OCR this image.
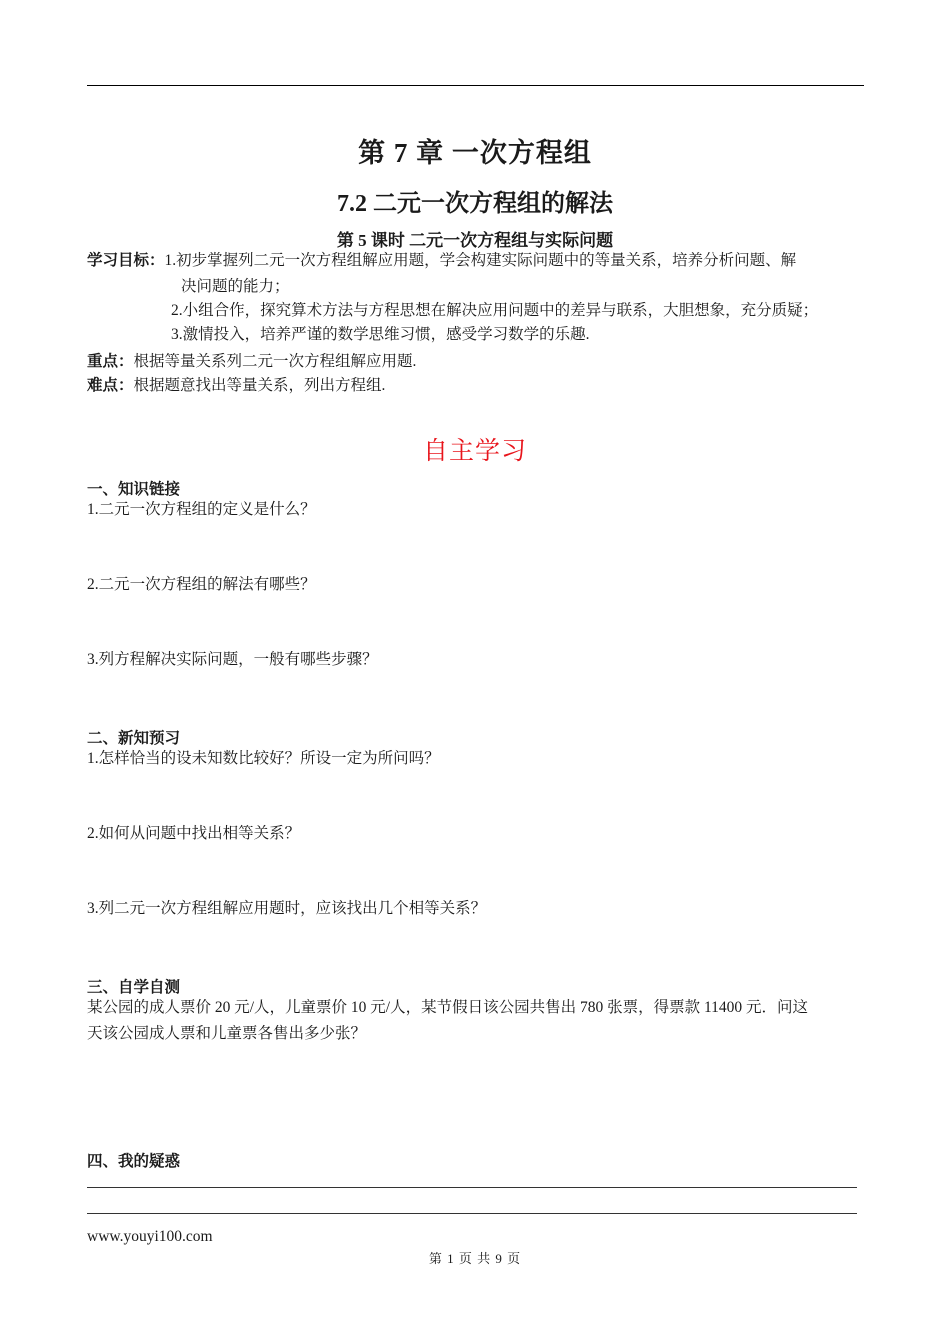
第 7 章 一次方程组
7.2 二元一次方程组的解法
第 5 课时 二元一次方程组与实际问题
学习目标：1.初步掌握列二元一次方程组解应用题，学会构建实际问题中的等量关系，培养分析问题、解
决问题的能力；
2.小组合作，探究算术方法与方程思想在解决应用问题中的差异与联系，大胆想象，充分质疑；
3.激情投入，培养严谨的数学思维习惯，感受学习数学的乐趣.
重点：根据等量关系列二元一次方程组解应用题.
难点：根据题意找出等量关系，列出方程组.
自主学习
一、知识链接
1.二元一次方程组的定义是什么？
2.二元一次方程组的解法有哪些？
3.列方程解决实际问题，一般有哪些步骤？
二、新知预习
1.怎样恰当的设未知数比较好？所设一定为所问吗？
2.如何从问题中找出相等关系？
3.列二元一次方程组解应用题时，应该找出几个相等关系？
三、自学自测
某公园的成人票价 20 元/人，儿童票价 10 元/人，某节假日该公园共售出 780 张票，得票款 11400 元．问这
天该公园成人票和儿童票各售出多少张？
四、我的疑惑
www.youyi100.com
第 1 页 共 9 页
